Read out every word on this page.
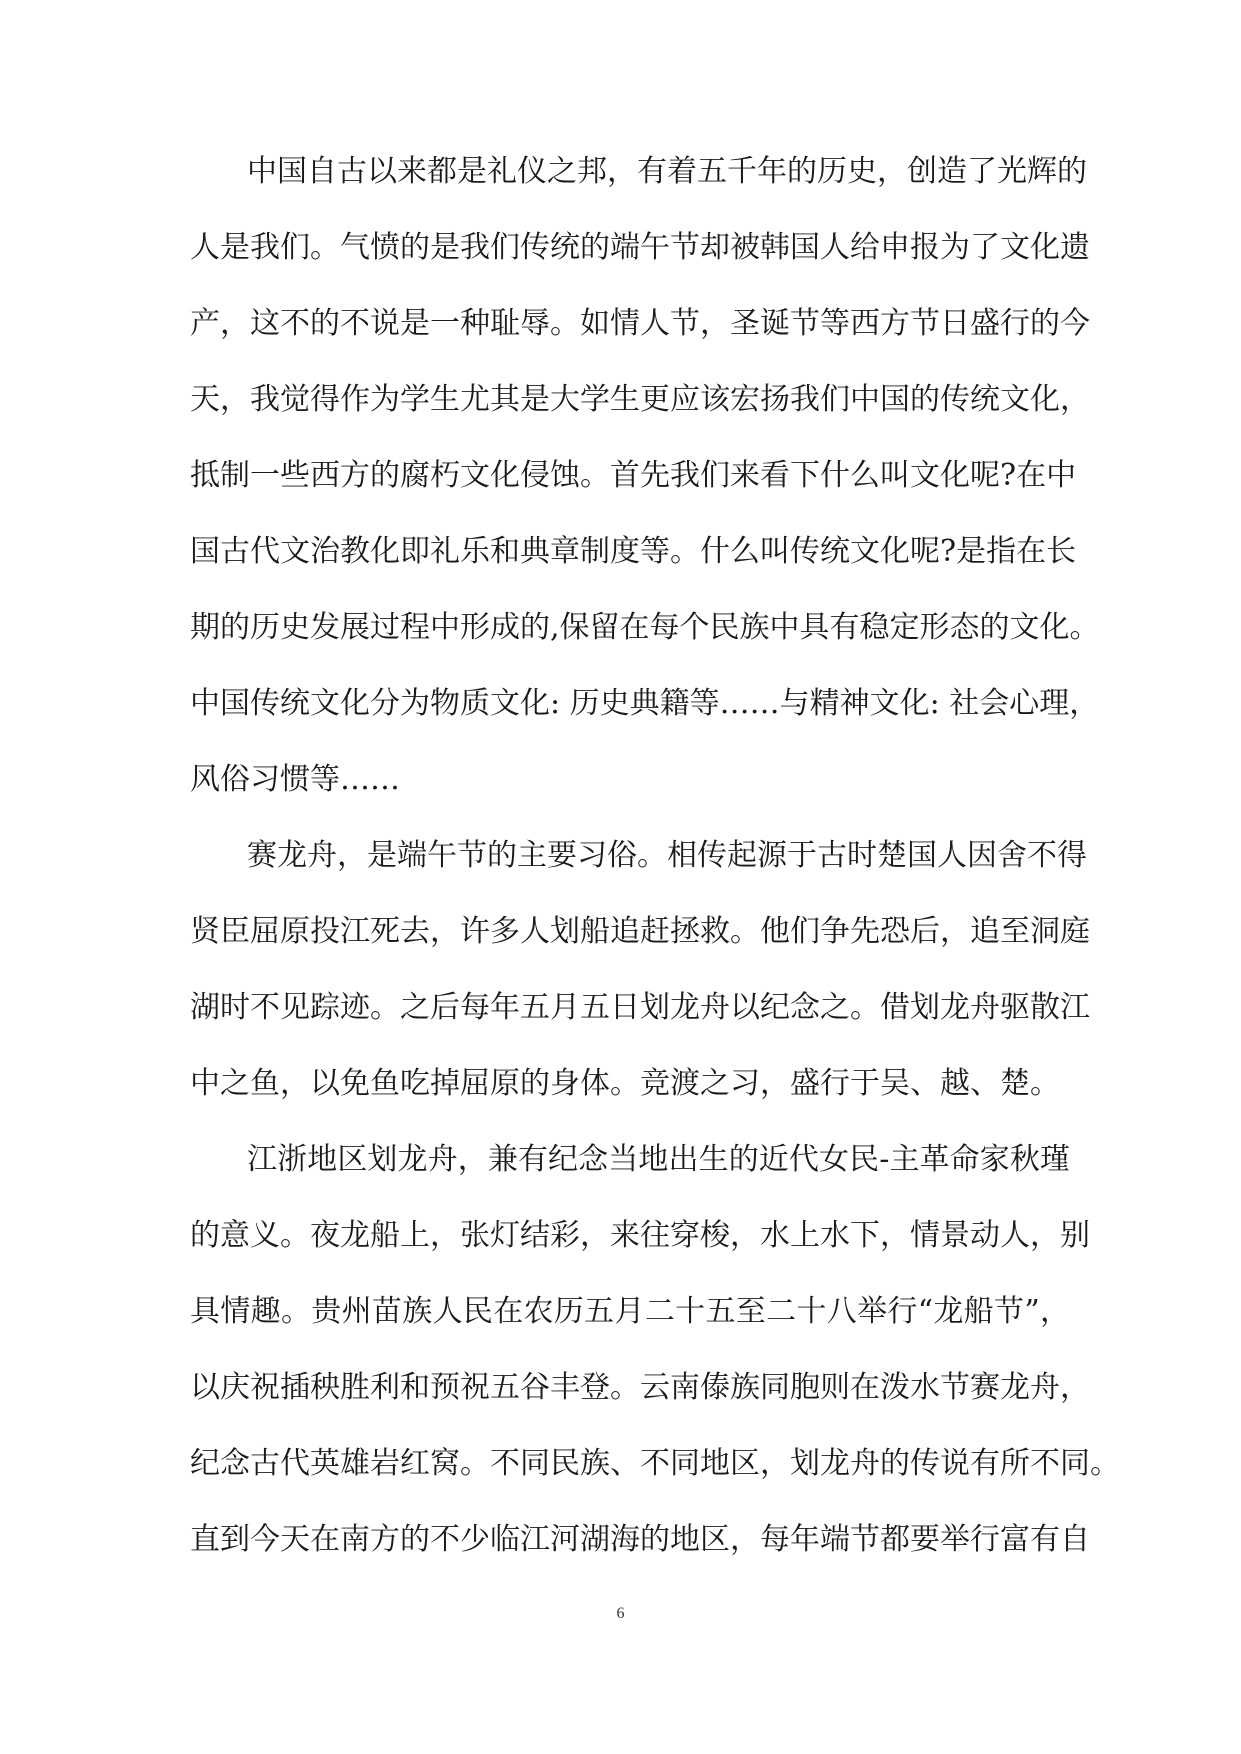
中国自古以来都是礼仪之邦，有着五千年的历史，创造了光辉的
人是我们。气愤的是我们传统的端午节却被韩国人给申报为了文化遗
产，这不的不说是一种耻辱。如情人节，圣诞节等西方节日盛行的今
天，我觉得作为学生尤其是大学生更应该宏扬我们中国的传统文化，
抵制一些西方的腐朽文化侵蚀。首先我们来看下什么叫文化呢?在中
国古代文治教化即礼乐和典章制度等。什么叫传统文化呢?是指在长
期的历史发展过程中形成的,保留在每个民族中具有稳定形态的文化。
中国传统文化分为物质文化: 历史典籍等……与精神文化: 社会心理，
风俗习惯等……
赛龙舟，是端午节的主要习俗。相传起源于古时楚国人因舍不得
贤臣屈原投江死去，许多人划船追赶拯救。他们争先恐后，追至洞庭
湖时不见踪迹。之后每年五月五日划龙舟以纪念之。借划龙舟驱散江
中之鱼，以免鱼吃掉屈原的身体。竞渡之习，盛行于吴、越、楚。
江浙地区划龙舟，兼有纪念当地出生的近代女民-主革命家秋瑾
的意义。夜龙船上，张灯结彩，来往穿梭，水上水下，情景动人，别
具情趣。贵州苗族人民在农历五月二十五至二十八举行“龙船节”，
以庆祝插秧胜利和预祝五谷丰登。云南傣族同胞则在泼水节赛龙舟，
纪念古代英雄岩红窝。不同民族、不同地区，划龙舟的传说有所不同。
直到今天在南方的不少临江河湖海的地区，每年端节都要举行富有自
6
